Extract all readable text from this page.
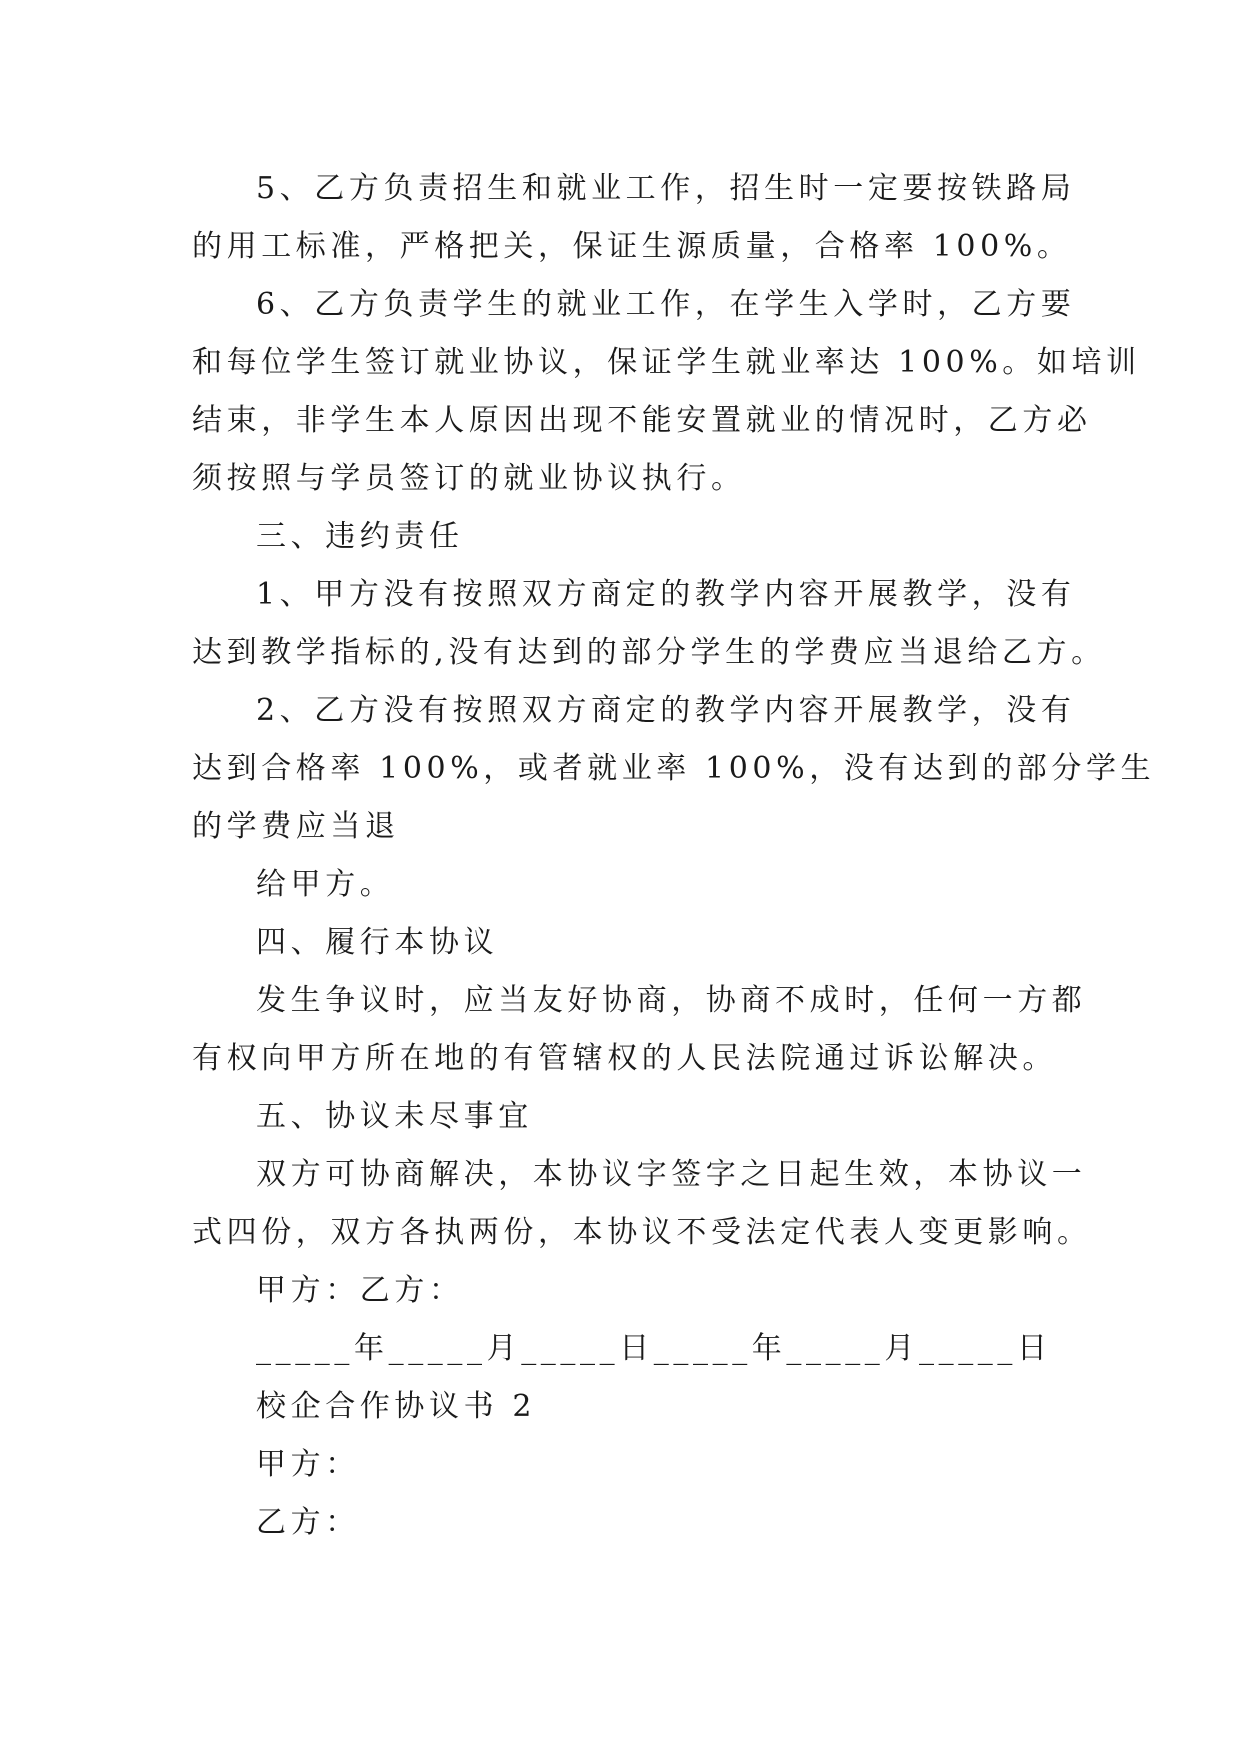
5、乙方负责招生和就业工作，招生时一定要按铁路局
的用工标准，严格把关，保证生源质量，合格率 100%。
6、乙方负责学生的就业工作，在学生入学时，乙方要
和每位学生签订就业协议，保证学生就业率达 100%。如培训
结束，非学生本人原因出现不能安置就业的情况时，乙方必
须按照与学员签订的就业协议执行。
三、违约责任
1、甲方没有按照双方商定的教学内容开展教学，没有
达到教学指标的,没有达到的部分学生的学费应当退给乙方。
2、乙方没有按照双方商定的教学内容开展教学，没有
达到合格率 100%，或者就业率 100%，没有达到的部分学生
的学费应当退
给甲方。
四、履行本协议
发生争议时，应当友好协商，协商不成时，任何一方都
有权向甲方所在地的有管辖权的人民法院通过诉讼解决。
五、协议未尽事宜
双方可协商解决，本协议字签字之日起生效，本协议一
式四份，双方各执两份，本协议不受法定代表人变更影响。
甲方：乙方：
_____年_____月_____日_____年_____月_____日
校企合作协议书 2
甲方：
乙方：
